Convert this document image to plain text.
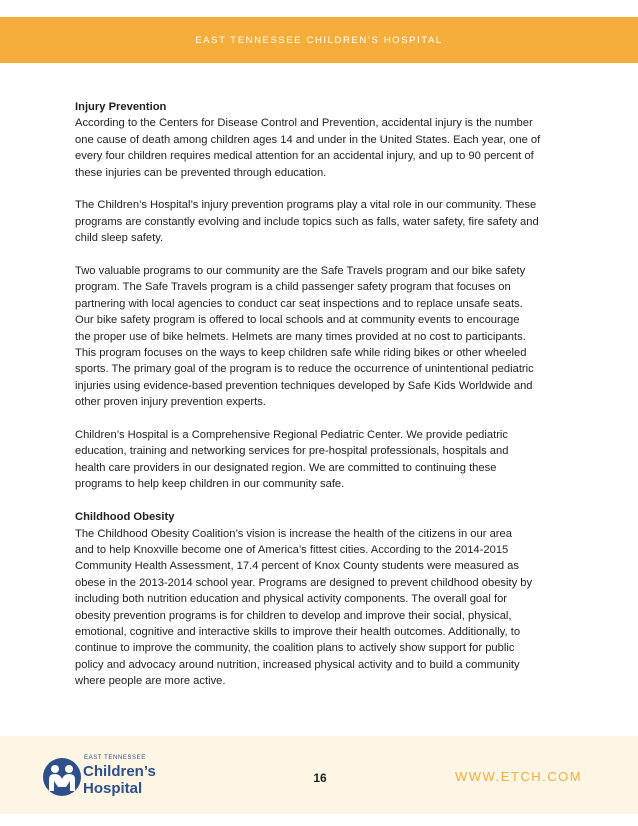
EAST TENNESSEE CHILDREN’S HOSPITAL
Injury Prevention
According to the Centers for Disease Control and Prevention, accidental injury is the number
one cause of death among children ages 14 and under in the United States. Each year, one of
every four children requires medical attention for an accidental injury, and up to 90 percent of
these injuries can be prevented through education.
The Children’s Hospital’s injury prevention programs play a vital role in our community. These
programs are constantly evolving and include topics such as falls, water safety, fire safety and
child sleep safety.
Two valuable programs to our community are the Safe Travels program and our bike safety
program. The Safe Travels program is a child passenger safety program that focuses on
partnering with local agencies to conduct car seat inspections and to replace unsafe seats.
Our bike safety program is offered to local schools and at community events to encourage
the proper use of bike helmets. Helmets are many times provided at no cost to participants.
This program focuses on the ways to keep children safe while riding bikes or other wheeled
sports. The primary goal of the program is to reduce the occurrence of unintentional pediatric
injuries using evidence-based prevention techniques developed by Safe Kids Worldwide and
other proven injury prevention experts.
Children’s Hospital is a Comprehensive Regional Pediatric Center. We provide pediatric
education, training and networking services for pre-hospital professionals, hospitals and
health care providers in our designated region. We are committed to continuing these
programs to help keep children in our community safe.
Childhood Obesity
The Childhood Obesity Coalition’s vision is increase the health of the citizens in our area
and to help Knoxville become one of America’s fittest cities. According to the 2014-2015
Community Health Assessment, 17.4 percent of Knox County students were measured as
obese in the 2013-2014 school year. Programs are designed to prevent childhood obesity by
including both nutrition education and physical activity components. The overall goal for
obesity prevention programs is for children to develop and improve their social, physical,
emotional, cognitive and interactive skills to improve their health outcomes. Additionally, to
continue to improve the community, the coalition plans to actively show support for public
policy and advocacy around nutrition, increased physical activity and to build a community
where people are more active.
EAST TENNESSEE
Children’s
Hospital
16	WWW.ETCH.COM
